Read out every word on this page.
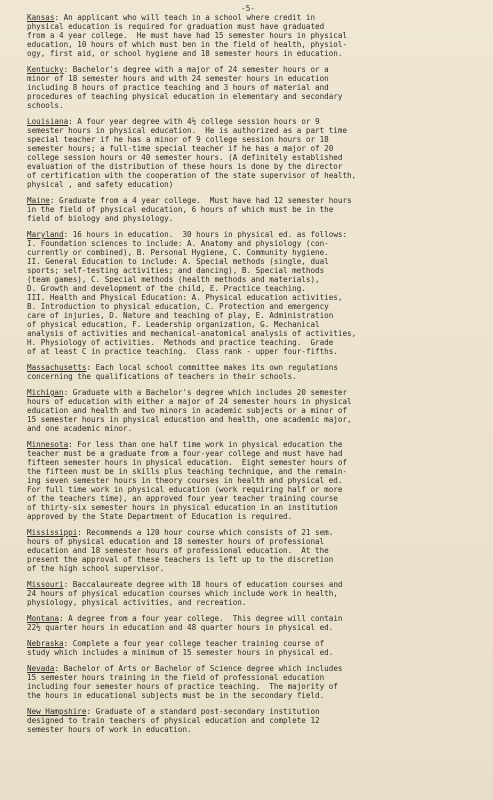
-5-
Kansas: An applicant who will teach in a school where credit in
physical education is required for graduation must have graduated
from a 4 year college.  He must have had 15 semester hours in physical
education, 10 hours of which must ben in the field of health, physiol-
ogy, first aid, or school hygiene and 18 semester hours in education.
Kentucky: Bachelor's degree with a major of 24 semester hours or a
minor of 18 semester hours and with 24 semester hours in education
including 8 hours of practice teaching and 3 hours of material and
procedures of teaching physical education in elementary and secondary
schools.
Louisiana: A four year degree with 4½ college session hours or 9
semester hours in physical education.  He is authorized as a part time
special teacher if he has a minor of 9 college session hours or 18
semester hours; a full-time special teacher if he has a major of 20
college session hours or 40 semester hours. (A definitely established
evaluation of the distribution of these hours is done by the director
of certification with the cooperation of the state supervisor of health,
physical , and safety education)
Maine: Graduate from a 4 year college.  Must have had 12 semester hours
in the field of physical education, 6 hours of which must be in the
field of biology and physiology.
Maryland: 16 hours in education.  30 hours in physical ed. as follows:
I. Foundation sciences to include: A. Anatomy and physiology (con-
currently or combined), B. Personal Hygiene, C. Community hygiene.
II. General Education to include: A. Special methods (single, dual
sports; self-testing activities; and dancing), B. Special methods
(team games), C. Special methods (health methods and materials),
D. Growth and development of the child, E. Practice teaching.
III. Health and Physical Education: A. Physical education activities,
B. Introduction to physical education, C. Protection and emergency
care of injuries, D. Nature and teaching of play, E. Administration
of physical education, F. Leadership organization, G. Mechanical
analysis of activities and mechanical-anatomical analysis of activities,
H. Physiology of activities.  Methods and practice teaching.  Grade
of at least C in practice teaching.  Class rank - upper four-fifths.
Massachusetts: Each local school committee makes its own regulations
concerning the qualifications of teachers in their schools.
Michigan: Graduate with a Bachelor's degree which includes 20 semester
hours of education with either a major of 24 semester hours in physical
education and health and two minors in academic subjects or a minor of
15 semester hours in physical education and health, one academic major,
and one academic minor.
Minnesota: For less than one half time work in physical education the
teacher must be a graduate from a four-year college and must have had
fifteen semester hours in physical education.  Eight semester hours of
the fifteen must be in skills plus teaching technique, and the remain-
ing seven semester hours in theory courses in health and physical ed.
For full time work in physical education (work requiring half or more
of the teachers time), an approved four year teacher training course
of thirty-six semester hours in physical education in an institution
approved by the State Department of Education is required.
Mississippi: Recommends a 120 hour course which consists of 21 sem.
hours of physical education and 18 semester hours of professional
education and 18 semester hours of professional education.  At the
present the approval of these teachers is left up to the discretion
of the high school supervisor.
Missouri: Baccalaureate degree with 18 hours of education courses and
24 hours of physical education courses which include work in health,
physiology, physical activities, and recreation.
Montana: A degree from a four year college.  This degree will contain
22½ quarter hours in education and 48 quarter hours in physical ed.
Nebraska: Complete a four year college teacher training course of
study which includes a minimum of 15 semester hours in physical ed.
Nevada: Bachelor of Arts or Bachelor of Science degree which includes
15 semester hours training in the field of professional education
including four semester hours of practice teaching.  The majority of
the hours in educational subjects must be in the secondary field.
New Hampshire: Graduate of a standard post-secondary institution
designed to train teachers of physical education and complete 12
semester hours of work in education.
